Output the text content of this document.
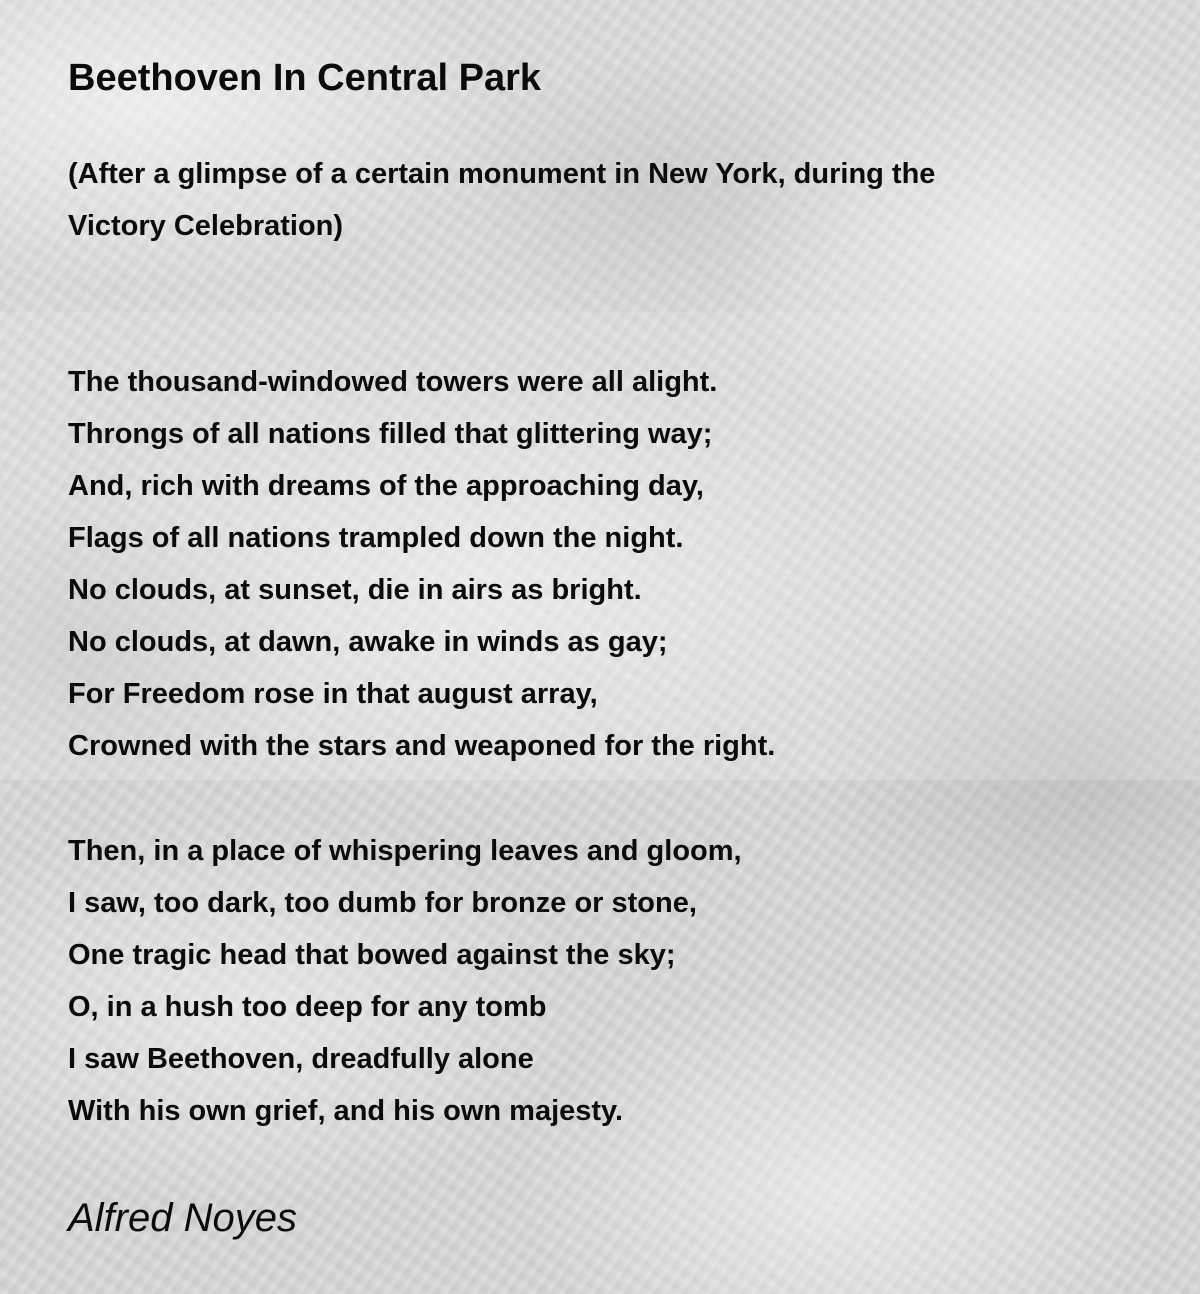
Beethoven In Central Park
(After a glimpse of a certain monument in New York, during the
Victory Celebration)
The thousand-windowed towers were all alight.
Throngs of all nations filled that glittering way;
And, rich with dreams of the approaching day,
Flags of all nations trampled down the night.
No clouds, at sunset, die in airs as bright.
No clouds, at dawn, awake in winds as gay;
For Freedom rose in that august array,
Crowned with the stars and weaponed for the right.
Then, in a place of whispering leaves and gloom,
I saw, too dark, too dumb for bronze or stone,
One tragic head that bowed against the sky;
O, in a hush too deep for any tomb
I saw Beethoven, dreadfully alone
With his own grief, and his own majesty.
Alfred Noyes
